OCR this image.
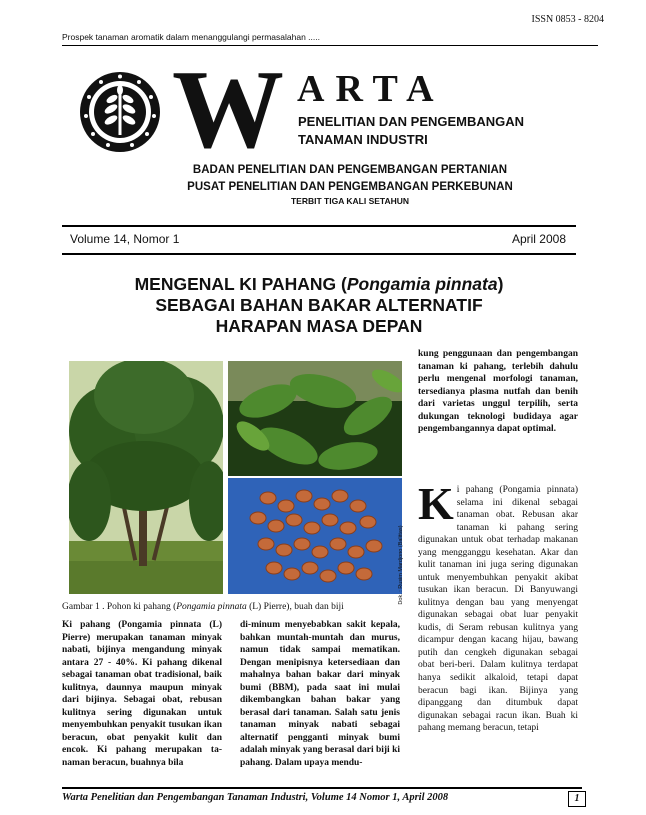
ISSN 0853 - 8204
Prospek tanaman aromatik dalam menanggulangi permasalahan .....
W ARTA
PENELITIAN DAN PENGEMBANGAN
TANAMAN INDUSTRI
BADAN PENELITIAN DAN PENGEMBANGAN PERTANIAN
PUSAT PENELITIAN DAN PENGEMBANGAN PERKEBUNAN
TERBIT TIGA KALI SETAHUN
Volume 14, Nomor 1	April 2008
MENGENAL KI PAHANG (Pongamia pinnata)
SEBAGAI BAHAN BAKAR ALTERNATIF
HARAPAN MASA DEPAN
Dok. : Rusim Mardjono (Balittas)
Gambar 1 . Pohon ki pahang (Pongamia pinnata (L) Pierre), buah dan biji
Ki pahang (Pongamia pinnata (L) Pierre) merupakan tanaman minyak nabati, bijinya mengandung minyak antara 27 - 40%. Ki pahang dikenal sebagai tanaman obat tradisional, baik kulitnya, daunnya maupun minyak dari bijinya. Sebagai obat, rebusan kulitnya sering digunakan untuk menyembuhkan penyakit tusukan ikan beracun, obat penyakit kulit dan encok. Ki pahang merupakan ta-naman beracun, buahnya bila
di-minum menyebabkan sakit kepala, bahkan muntah-muntah dan murus, namun tidak sampai mematikan. Dengan menipisnya ketersediaan dan mahalnya bahan bakar dari minyak bumi (BBM), pada saat ini mulai dikembangkan bahan bakar yang berasal dari tanaman. Salah satu jenis tanaman minyak nabati sebagai alternatif pengganti minyak bumi adalah minyak yang berasal dari biji ki pahang. Dalam upaya mendu-
kung penggunaan dan pengembangan tanaman ki pahang, terlebih dahulu perlu mengenal morfologi tanaman, tersedianya plasma nutfah dan benih dari varietas unggul terpilih, serta dukungan teknologi budidaya agar pengembangannya dapat optimal.
Ki pahang (Pongamia pinnata) selama ini dikenal sebagai tanaman obat. Rebusan akar tanaman ki pahang sering digunakan untuk obat terhadap makanan yang mengganggu kesehatan. Akar dan kulit tanaman ini juga sering digunakan untuk menyembuhkan penyakit akibat tusukan ikan beracun. Di Banyuwangi kulitnya dengan bau yang menyengat digunakan sebagai obat luar penyakit kudis, di Seram rebusan kulitnya yang dicampur dengan kacang hijau, bawang putih dan cengkeh digunakan sebagai obat beri-beri. Dalam kulitnya terdapat hanya sedikit alkaloid, tetapi dapat beracun bagi ikan. Bijinya yang dipanggang dan ditumbuk dapat digunakan sebagai racun ikan. Buah ki pahang memang beracun, tetapi
Warta Penelitian dan Pengembangan Tanaman Industri, Volume 14 Nomor 1, April 2008	1
